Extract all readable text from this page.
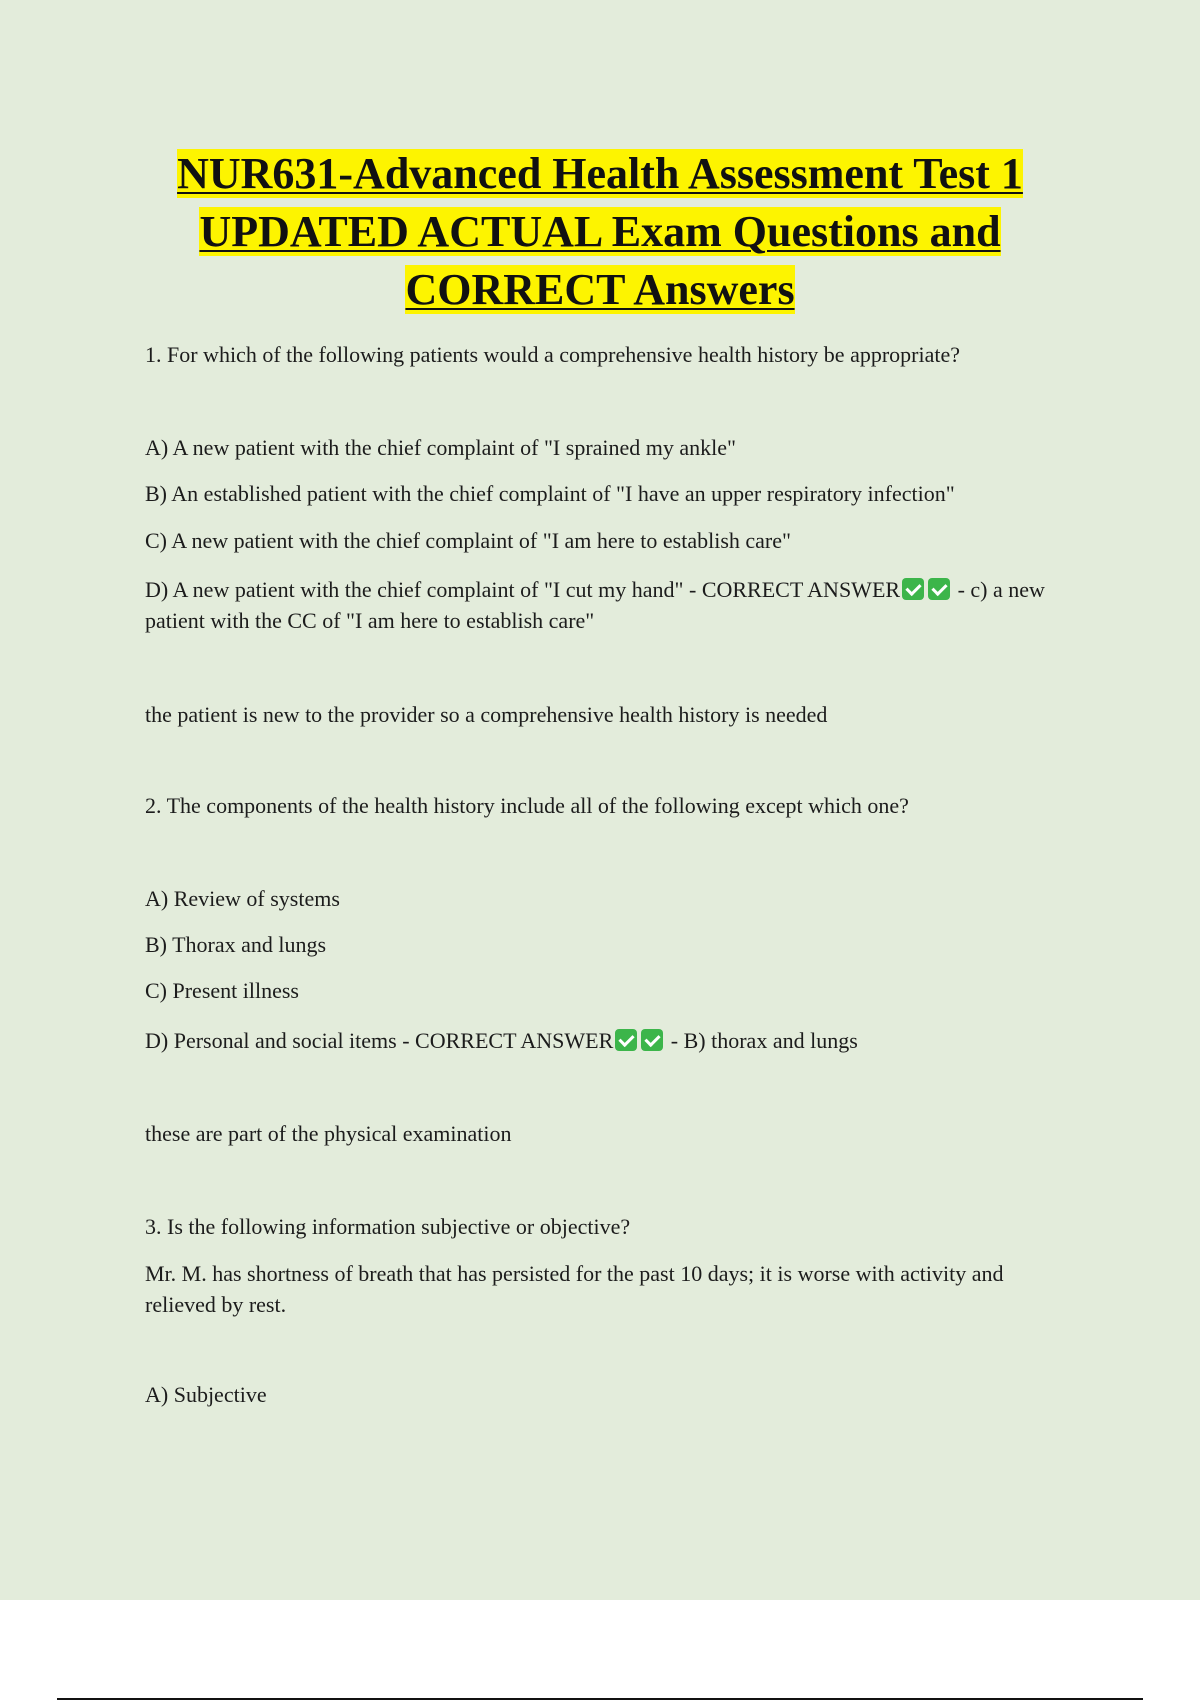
NUR631-Advanced Health Assessment Test 1
UPDATED ACTUAL Exam Questions and
CORRECT Answers
1. For which of the following patients would a comprehensive health history be appropriate?
A) A new patient with the chief complaint of "I sprained my ankle"
B) An established patient with the chief complaint of "I have an upper respiratory infection"
C) A new patient with the chief complaint of "I am here to establish care"
D) A new patient with the chief complaint of "I cut my hand" - CORRECT ANSWER - c) a new patient with the CC of "I am here to establish care"
the patient is new to the provider so a comprehensive health history is needed
2. The components of the health history include all of the following except which one?
A) Review of systems
B) Thorax and lungs
C) Present illness
D) Personal and social items - CORRECT ANSWER - B) thorax and lungs
these are part of the physical examination
3. Is the following information subjective or objective?
Mr. M. has shortness of breath that has persisted for the past 10 days; it is worse with activity and relieved by rest.
A) Subjective
